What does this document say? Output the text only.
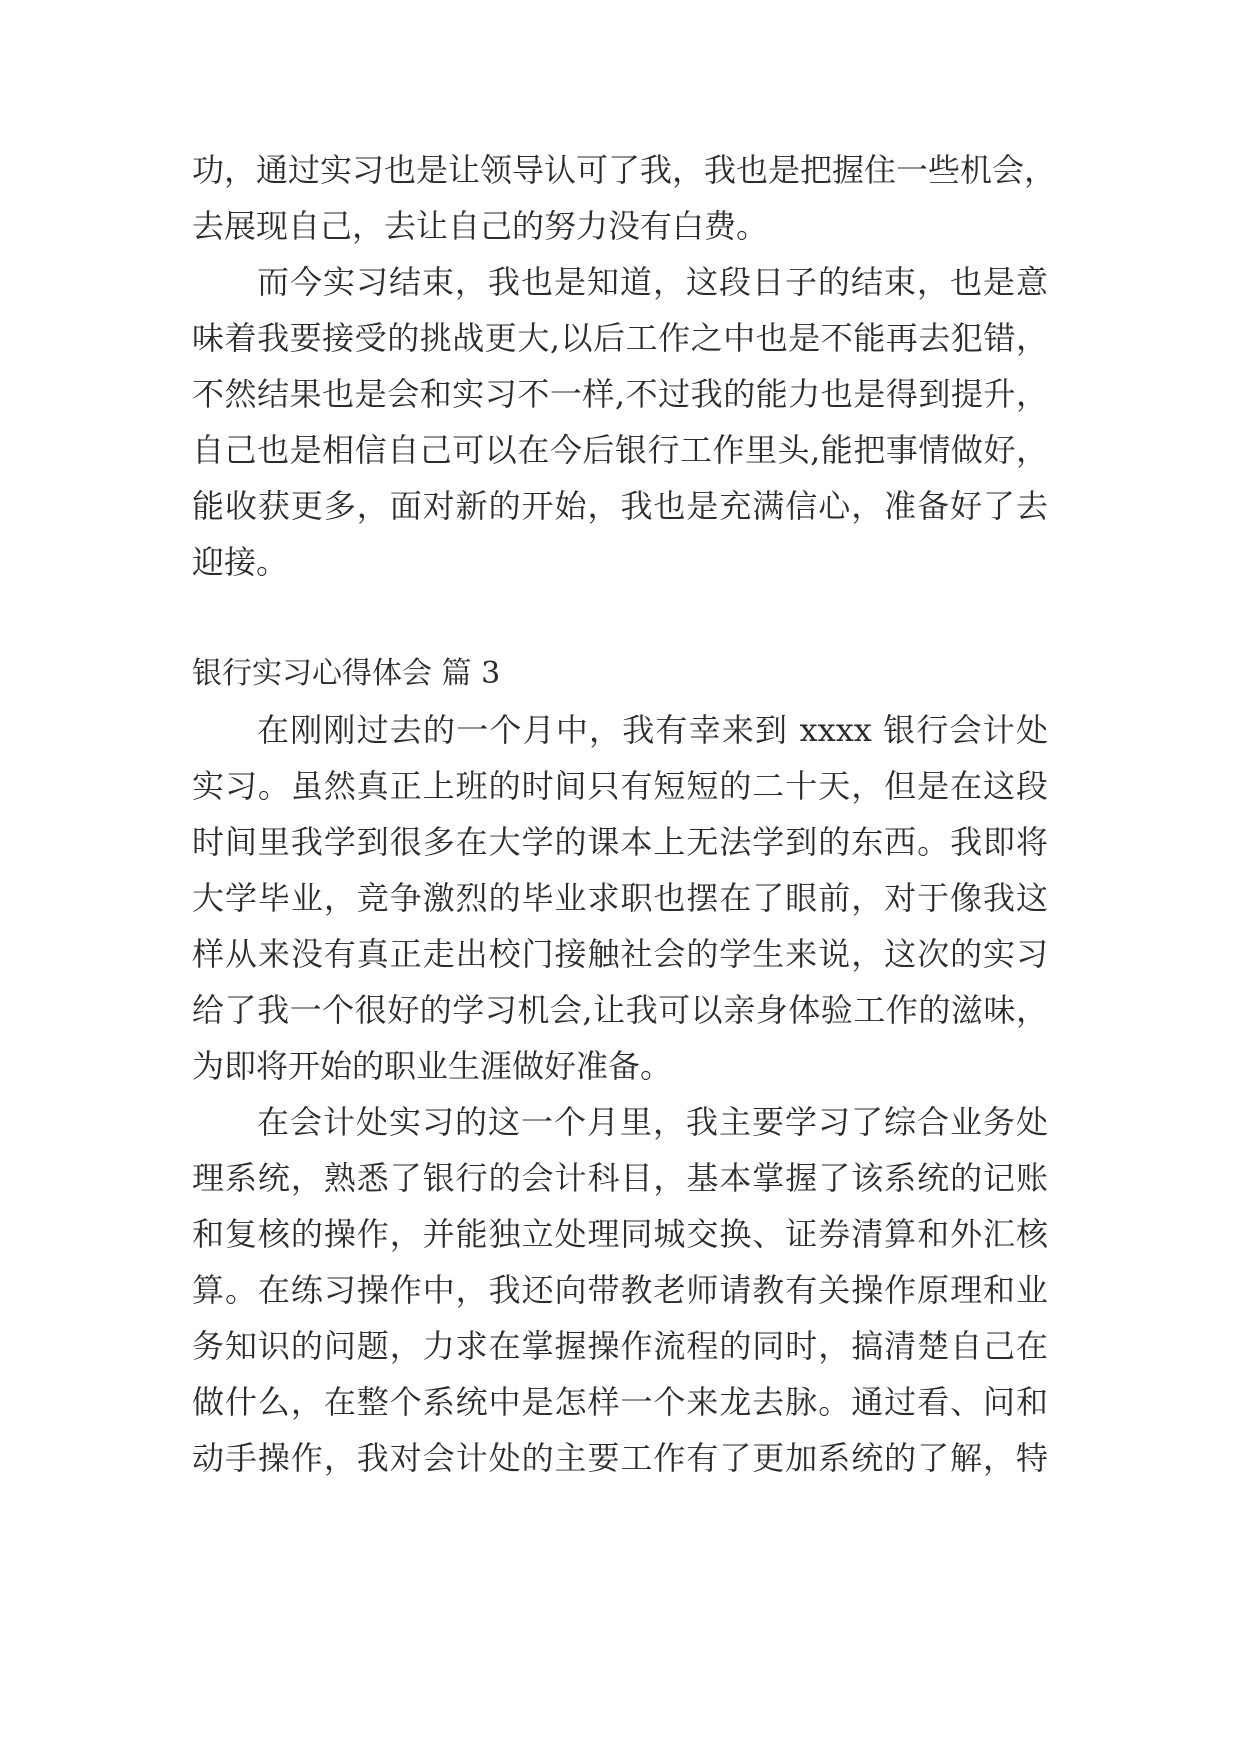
功，通过实习也是让领导认可了我，我也是把握住一些机会，

去展现自己，去让自己的努力没有白费。

而今实习结束，我也是知道，这段日子的结束，也是意

味着我要接受的挑战更大,以后工作之中也是不能再去犯错，

不然结果也是会和实习不一样,不过我的能力也是得到提升，

自己也是相信自己可以在今后银行工作里头,能把事情做好，

能收获更多，面对新的开始，我也是充满信心，准备好了去

迎接。

银行实习心得体会 篇 3

在刚刚过去的一个月中，我有幸来到 xxxx 银行会计处

实习。虽然真正上班的时间只有短短的二十天，但是在这段

时间里我学到很多在大学的课本上无法学到的东西。我即将

大学毕业，竞争激烈的毕业求职也摆在了眼前，对于像我这

样从来没有真正走出校门接触社会的学生来说，这次的实习

给了我一个很好的学习机会,让我可以亲身体验工作的滋味，

为即将开始的职业生涯做好准备。

在会计处实习的这一个月里，我主要学习了综合业务处

理系统，熟悉了银行的会计科目，基本掌握了该系统的记账

和复核的操作，并能独立处理同城交换、证券清算和外汇核

算。在练习操作中，我还向带教老师请教有关操作原理和业

务知识的问题，力求在掌握操作流程的同时，搞清楚自己在

做什么，在整个系统中是怎样一个来龙去脉。通过看、问和

动手操作，我对会计处的主要工作有了更加系统的了解，特
